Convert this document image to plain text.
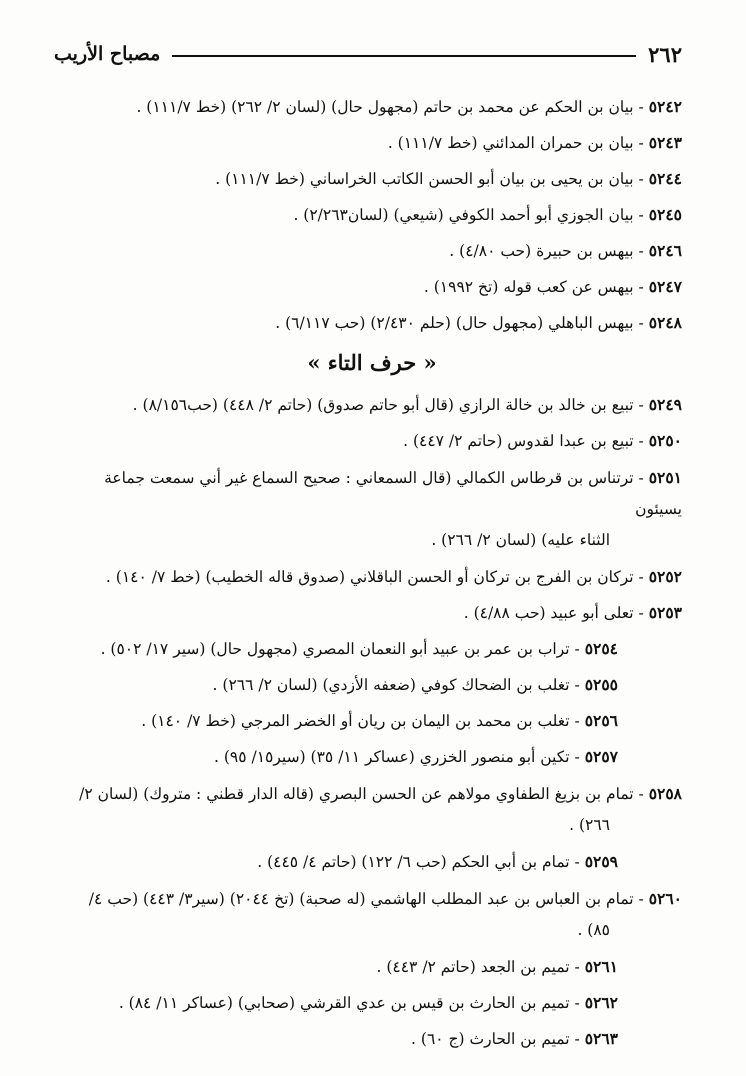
٢٦٢
مصباح الأريب
٥٢٤٢ - بيان بن الحكم عن محمد بن حاتم (مجهول حال) (لسان ٢/ ٢٦٢) (خط ١١١/٧) .
٥٢٤٣ - بيان بن حمران المدائني (خط ١١١/٧) .
٥٢٤٤ - بيان بن يحيى بن بيان أبو الحسن الكاتب الخراساني (خط ١١١/٧) .
٥٢٤٥ - بيان الجوزي أبو أحمد الكوفي (شيعي) (لسان٢/٢٦٣) .
٥٢٤٦ - بيهس بن حبيرة (حب ٤/٨٠) .
٥٢٤٧ - بيهس عن كعب قوله (تخ ١٩٩٢) .
٥٢٤٨ - بيهس الباهلي (مجهول حال) (حلم ٢/٤٣٠) (حب ٦/١١٧) .
« حرف التاء »
٥٢٤٩ - تبيع بن خالد بن خالة الرازي (قال أبو حاتم صدوق) (حاتم ٢/ ٤٤٨) (حب٨/١٥٦) .
٥٢٥٠ - تبيع بن عبدا لقدوس (حاتم ٢/ ٤٤٧) .
٥٢٥١ - ترتناس بن قرطاس الكمالي (قال السمعاني : صحيح السماع غير أني سمعت جماعة يسيئون
الثناء عليه) (لسان ٢/ ٢٦٦) .
٥٢٥٢ - تركان بن الفرج بن تركان أو الحسن الباقلاني (صدوق قاله الخطيب) (خط ٧/ ١٤٠) .
٥٢٥٣ - تعلى أبو عبيد (حب ٤/٨٨) .
٥٢٥٤ - تراب بن عمر بن عبيد أبو النعمان المصري (مجهول حال) (سير ١٧/ ٥٠٢) .
٥٢٥٥ - تغلب بن الضحاك كوفي (ضعفه الأزدي) (لسان ٢/ ٢٦٦) .
٥٢٥٦ - تغلب بن محمد بن اليمان بن ريان أو الخضر المرجي (خط ٧/ ١٤٠) .
٥٢٥٧ - تكين أبو منصور الخزري (عساكر ١١/ ٣٥) (سير١٥/ ٩٥) .
٥٢٥٨ - تمام بن بزيغ الطفاوي مولاهم عن الحسن البصري (قاله الدار قطني : متروك) (لسان ٢/
٢٦٦) .
٥٢٥٩ - تمام بن أبي الحكم (حب ٦/ ١٢٢) (حاتم ٤/ ٤٤٥) .
٥٢٦٠ - تمام بن العباس بن عبد المطلب الهاشمي (له صحبة) (تخ ٢٠٤٤) (سير٣/ ٤٤٣) (حب ٤/
٨٥) .
٥٢٦١ - تميم بن الجعد (حاتم ٢/ ٤٤٣) .
٥٢٦٢ - تميم بن الحارث بن قيس بن عدي القرشي (صحابي) (عساكر ١١/ ٨٤) .
٥٢٦٣ - تميم بن الحارث (ج ٦٠) .
